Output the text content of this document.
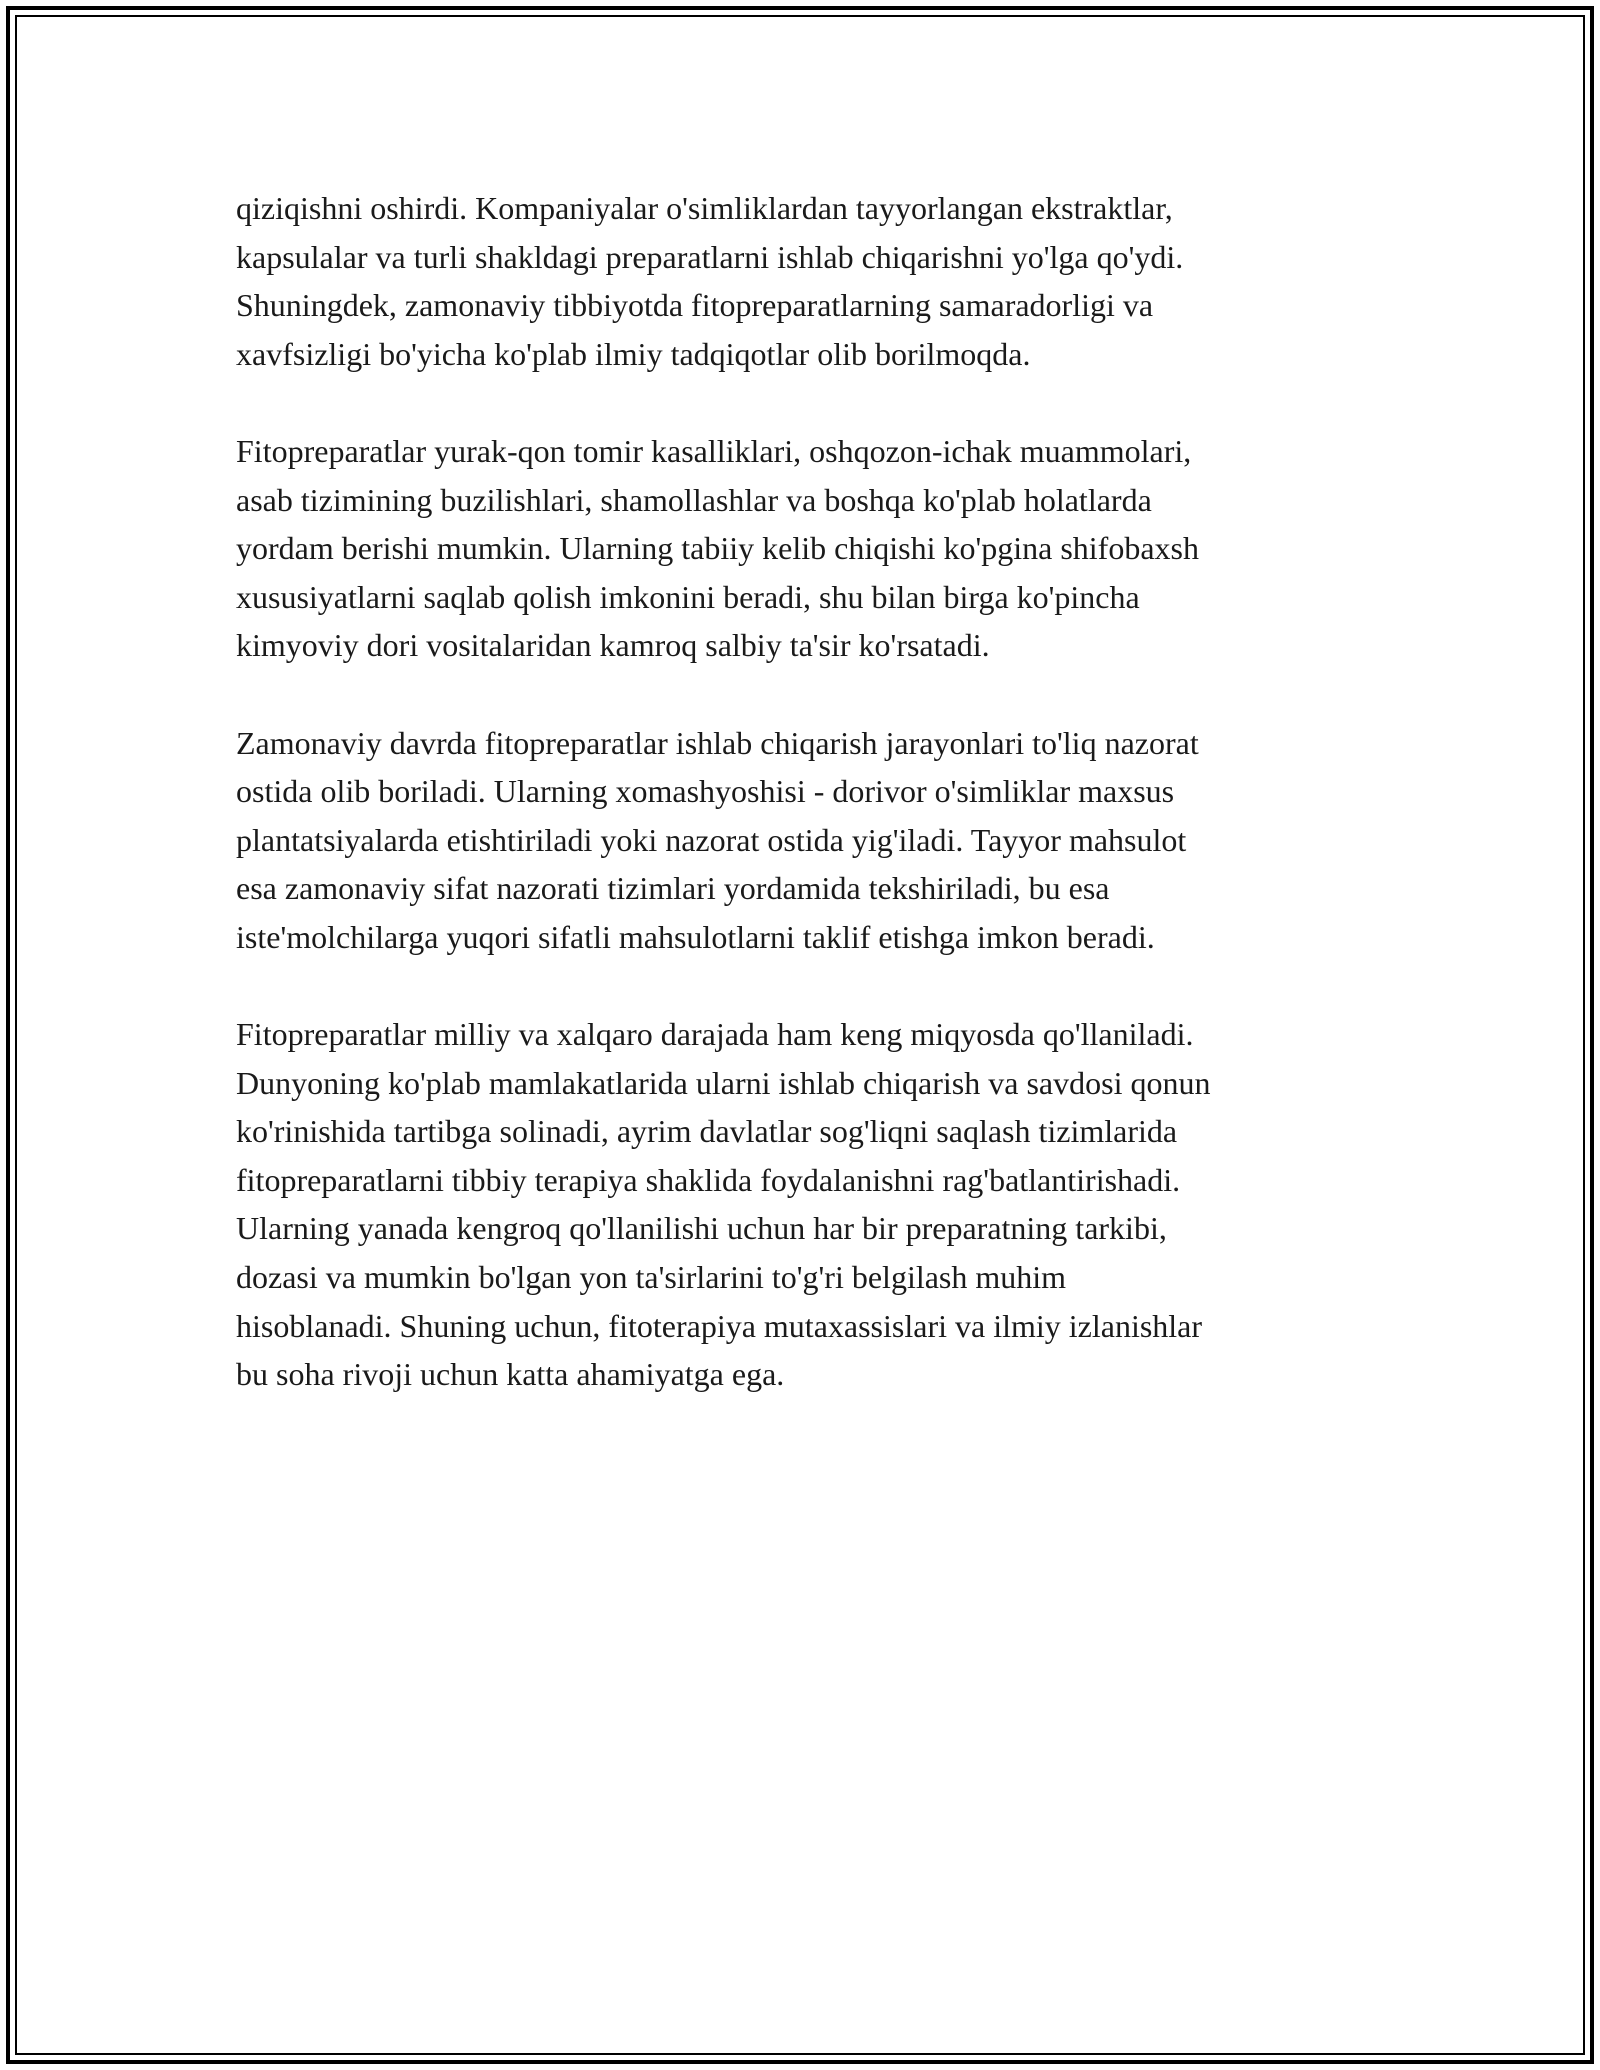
qiziqishni oshirdi. Kompaniyalar o'simliklardan tayyorlangan ekstraktlar,
kapsulalar va turli shakldagi preparatlarni ishlab chiqarishni yo'lga qo'ydi.
Shuningdek, zamonaviy tibbiyotda fitopreparatlarning samaradorligi va
xavfsizligi bo'yicha ko'plab ilmiy tadqiqotlar olib borilmoqda.

Fitopreparatlar yurak-qon tomir kasalliklari, oshqozon-ichak muammolari,
asab tizimining buzilishlari, shamollashlar va boshqa ko'plab holatlarda
yordam berishi mumkin. Ularning tabiiy kelib chiqishi ko'pgina shifobaxsh
xususiyatlarni saqlab qolish imkonini beradi, shu bilan birga ko'pincha
kimyoviy dori vositalaridan kamroq salbiy ta'sir ko'rsatadi.

Zamonaviy davrda fitopreparatlar ishlab chiqarish jarayonlari to'liq nazorat
ostida olib boriladi. Ularning xomashyoshisi - dorivor o'simliklar maxsus
plantatsiyalarda etishtiriladi yoki nazorat ostida yig'iladi. Tayyor mahsulot
esa zamonaviy sifat nazorati tizimlari yordamida tekshiriladi, bu esa
iste'molchilarga yuqori sifatli mahsulotlarni taklif etishga imkon beradi.

Fitopreparatlar milliy va xalqaro darajada ham keng miqyosda qo'llaniladi.
Dunyoning ko'plab mamlakatlarida ularni ishlab chiqarish va savdosi qonun
ko'rinishida tartibga solinadi, ayrim davlatlar sog'liqni saqlash tizimlarida
fitopreparatlarni tibbiy terapiya shaklida foydalanishni rag'batlantirishadi.
Ularning yanada kengroq qo'llanilishi uchun har bir preparatning tarkibi,
dozasi va mumkin bo'lgan yon ta'sirlarini to'g'ri belgilash muhim
hisoblanadi. Shuning uchun, fitoterapiya mutaxassislari va ilmiy izlanishlar
bu soha rivoji uchun katta ahamiyatga ega.
